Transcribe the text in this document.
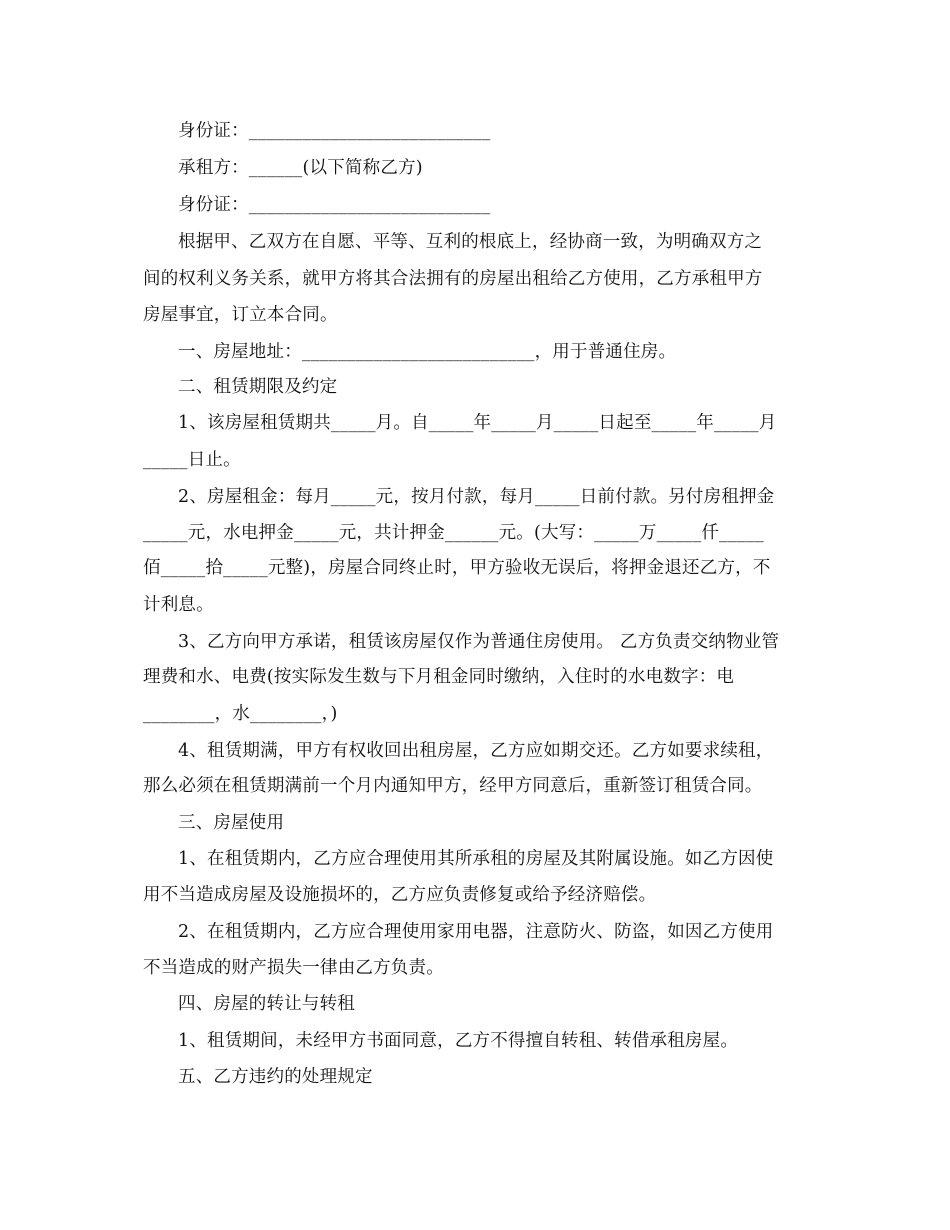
身份证：___________________________
承租方：______(以下简称乙方)
身份证：___________________________
根据甲、乙双方在自愿、平等、互利的根底上，经协商一致，为明确双方之
间的权利义务关系，就甲方将其合法拥有的房屋出租给乙方使用，乙方承租甲方
房屋事宜，订立本合同。
一、房屋地址：__________________________，用于普通住房。
二、租赁期限及约定
1、该房屋租赁期共_____月。自_____年_____月_____日起至_____年_____月
_____日止。
2、房屋租金：每月_____元，按月付款，每月_____日前付款。另付房租押金
_____元，水电押金_____元，共计押金______元。(大写：_____万_____仟_____
佰_____拾_____元整)，房屋合同终止时，甲方验收无误后，将押金退还乙方，不
计利息。
3、乙方向甲方承诺，租赁该房屋仅作为普通住房使用。 乙方负责交纳物业管
理费和水、电费(按实际发生数与下月租金同时缴纳，入住时的水电数字：电
________，水________，)
4、租赁期满，甲方有权收回出租房屋，乙方应如期交还。乙方如要求续租，
那么必须在租赁期满前一个月内通知甲方，经甲方同意后，重新签订租赁合同。
三、房屋使用
1、在租赁期内，乙方应合理使用其所承租的房屋及其附属设施。如乙方因使
用不当造成房屋及设施损坏的，乙方应负责修复或给予经济赔偿。
2、在租赁期内，乙方应合理使用家用电器，注意防火、防盗，如因乙方使用
不当造成的财产损失一律由乙方负责。
四、房屋的转让与转租
1、租赁期间，未经甲方书面同意，乙方不得擅自转租、转借承租房屋。
五、乙方违约的处理规定
